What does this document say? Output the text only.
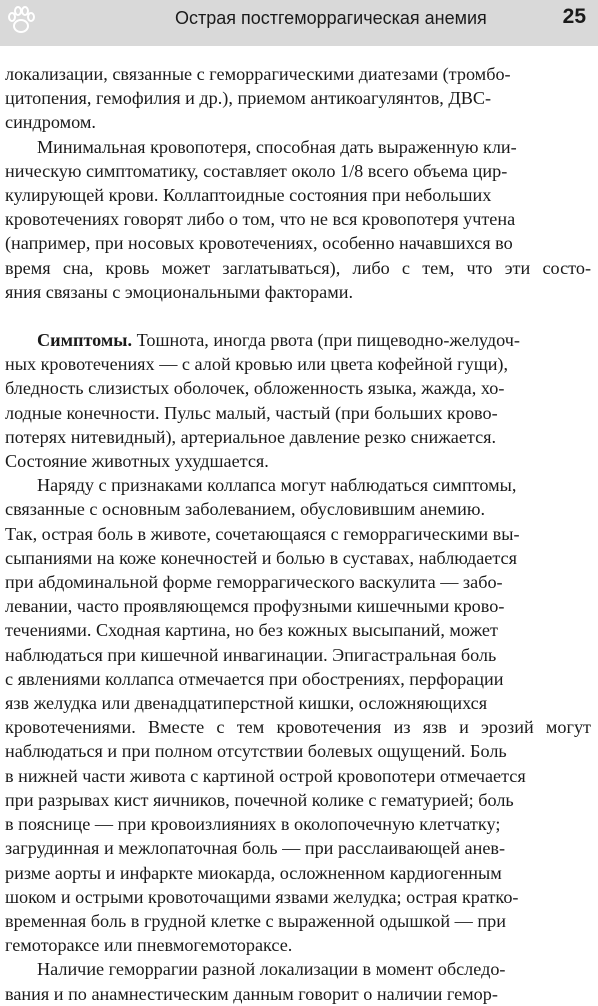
Острая постгеморрагическая анемия	25

локализации, связанные с геморрагическими диатезами (тромбо-
цитопения, гемофилия и др.), приемом антикоагулянтов, ДВС-
синдромом.

Минимальная кровопотеря, способная дать выраженную кли-
ническую симптоматику, составляет около 1/8 всего объема цир-
кулирующей крови. Коллаптоидные состояния при небольших
кровотечениях говорят либо о том, что не вся кровопотеря учтена
(например, при носовых кровотечениях, особенно начавшихся во
время сна, кровь может заглатываться), либо с тем, что эти состо-
яния связаны с эмоциональными факторами.

Симптомы. Тошнота, иногда рвота (при пищеводно-желудоч-
ных кровотечениях — с алой кровью или цвета кофейной гущи),
бледность слизистых оболочек, обложенность языка, жажда, хо-
лодные конечности. Пульс малый, частый (при больших крово-
потерях нитевидный), артериальное давление резко снижается.
Состояние животных ухудшается.

Наряду с признаками коллапса могут наблюдаться симптомы,
связанные с основным заболеванием, обусловившим анемию.
Так, острая боль в животе, сочетающаяся с геморрагическими вы-
сыпаниями на коже конечностей и болью в суставах, наблюдается
при абдоминальной форме геморрагического васкулита — забо-
левании, часто проявляющемся профузными кишечными крово-
течениями. Сходная картина, но без кожных высыпаний, может
наблюдаться при кишечной инвагинации. Эпигастральная боль
с явлениями коллапса отмечается при обострениях, перфорации
язв желудка или двенадцатиперстной кишки, осложняющихся
кровотечениями. Вместе с тем кровотечения из язв и эрозий могут
наблюдаться и при полном отсутствии болевых ощущений. Боль
в нижней части живота с картиной острой кровопотери отмечается
при разрывах кист яичников, почечной колике с гематурией; боль
в пояснице — при кровоизлияниях в околопочечную клетчатку;
загрудинная и межлопаточная боль — при расслаивающей анев-
ризме аорты и инфаркте миокарда, осложненном кардиогенным
шоком и острыми кровоточащими язвами желудка; острая кратко-
временная боль в грудной клетке с выраженной одышкой — при
гемотораксе или пневмогемотораксе.

Наличие геморрагии разной локализации в момент обследо-
вания и по анамнестическим данным говорит о наличии гемор-
